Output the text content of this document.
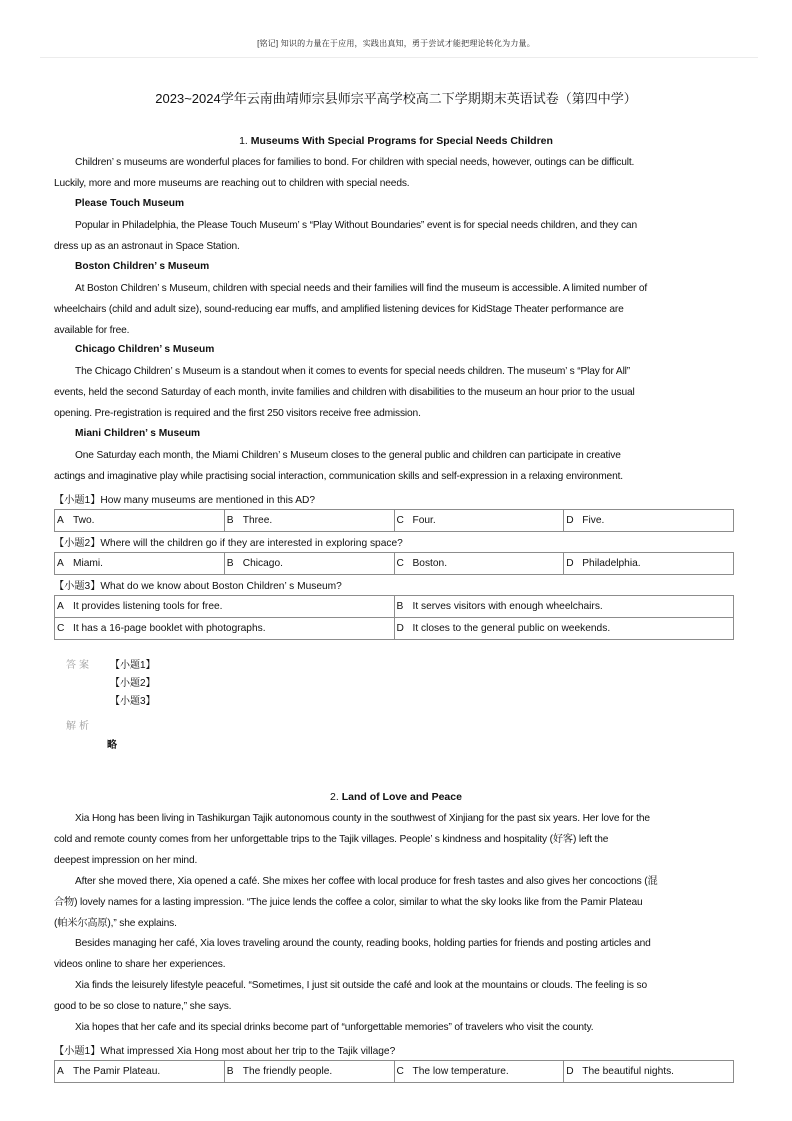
[铭记] 知识的力量在于应用，实践出真知，勇于尝试才能把理论转化为力量。
2023~2024学年云南曲靖师宗县师宗平高学校高二下学期期末英语试卷（第四中学）
1. Museums With Special Programs for Special Needs Children
Children’ s museums are wonderful places for families to bond. For children with special needs, however, outings can be difficult.
Luckily, more and more museums are reaching out to children with special needs.
Please Touch Museum
Popular in Philadelphia, the Please Touch Museum’ s “Play Without Boundaries” event is for special needs children, and they can
dress up as an astronaut in Space Station.
Boston Children’ s Museum
At Boston Children’ s Museum, children with special needs and their families will find the museum is accessible. A limited number of
wheelchairs (child and adult size), sound-reducing ear muffs, and amplified listening devices for KidStage Theater performance are
available for free.
Chicago Children’ s Museum
The Chicago Children’ s Museum is a standout when it comes to events for special needs children. The museum’ s “Play for All”
events, held the second Saturday of each month, invite families and children with disabilities to the museum an hour prior to the usual
opening. Pre-registration is required and the first 250 visitors receive free admission.
Miani Children’ s Museum
One Saturday each month, the Miami Children’ s Museum closes to the general public and children can participate in creative
actings and imaginative play while practising social interaction, communication skills and self-expression in a relaxing environment.
【小题1】How many museums are mentioned in this AD?
A Two.	B Three.	C Four.	D Five.
【小题2】Where will the children go if they are interested in exploring space?
A Miami.	B Chicago.	C Boston.	D Philadelphia.
【小题3】What do we know about Boston Children’ s Museum?
A It provides listening tools for free.	B It serves visitors with enough wheelchairs.
C It has a 16-page booklet with photographs.	D It closes to the general public on weekends.
答案 【小题1】
【小题2】
【小题3】
解析
略
2. Land of Love and Peace
Xia Hong has been living in Tashikurgan Tajik autonomous county in the southwest of Xinjiang for the past six years. Her love for the
cold and remote county comes from her unforgettable trips to the Tajik villages. People’ s kindness and hospitality (好客) left the
deepest impression on her mind.
After she moved there, Xia opened a café. She mixes her coffee with local produce for fresh tastes and also gives her concoctions (混
合物) lovely names for a lasting impression. “The juice lends the coffee a color, similar to what the sky looks like from the Pamir Plateau
(帕米尔高原),” she explains.
Besides managing her café, Xia loves traveling around the county, reading books, holding parties for friends and posting articles and
videos online to share her experiences.
Xia finds the leisurely lifestyle peaceful. “Sometimes, I just sit outside the café and look at the mountains or clouds. The feeling is so
good to be so close to nature,” she says.
Xia hopes that her cafe and its special drinks become part of “unforgettable memories” of travelers who visit the county.
【小题1】What impressed Xia Hong most about her trip to the Tajik village?
A The Pamir Plateau.	B The friendly people.	C The low temperature.	D The beautiful nights.
